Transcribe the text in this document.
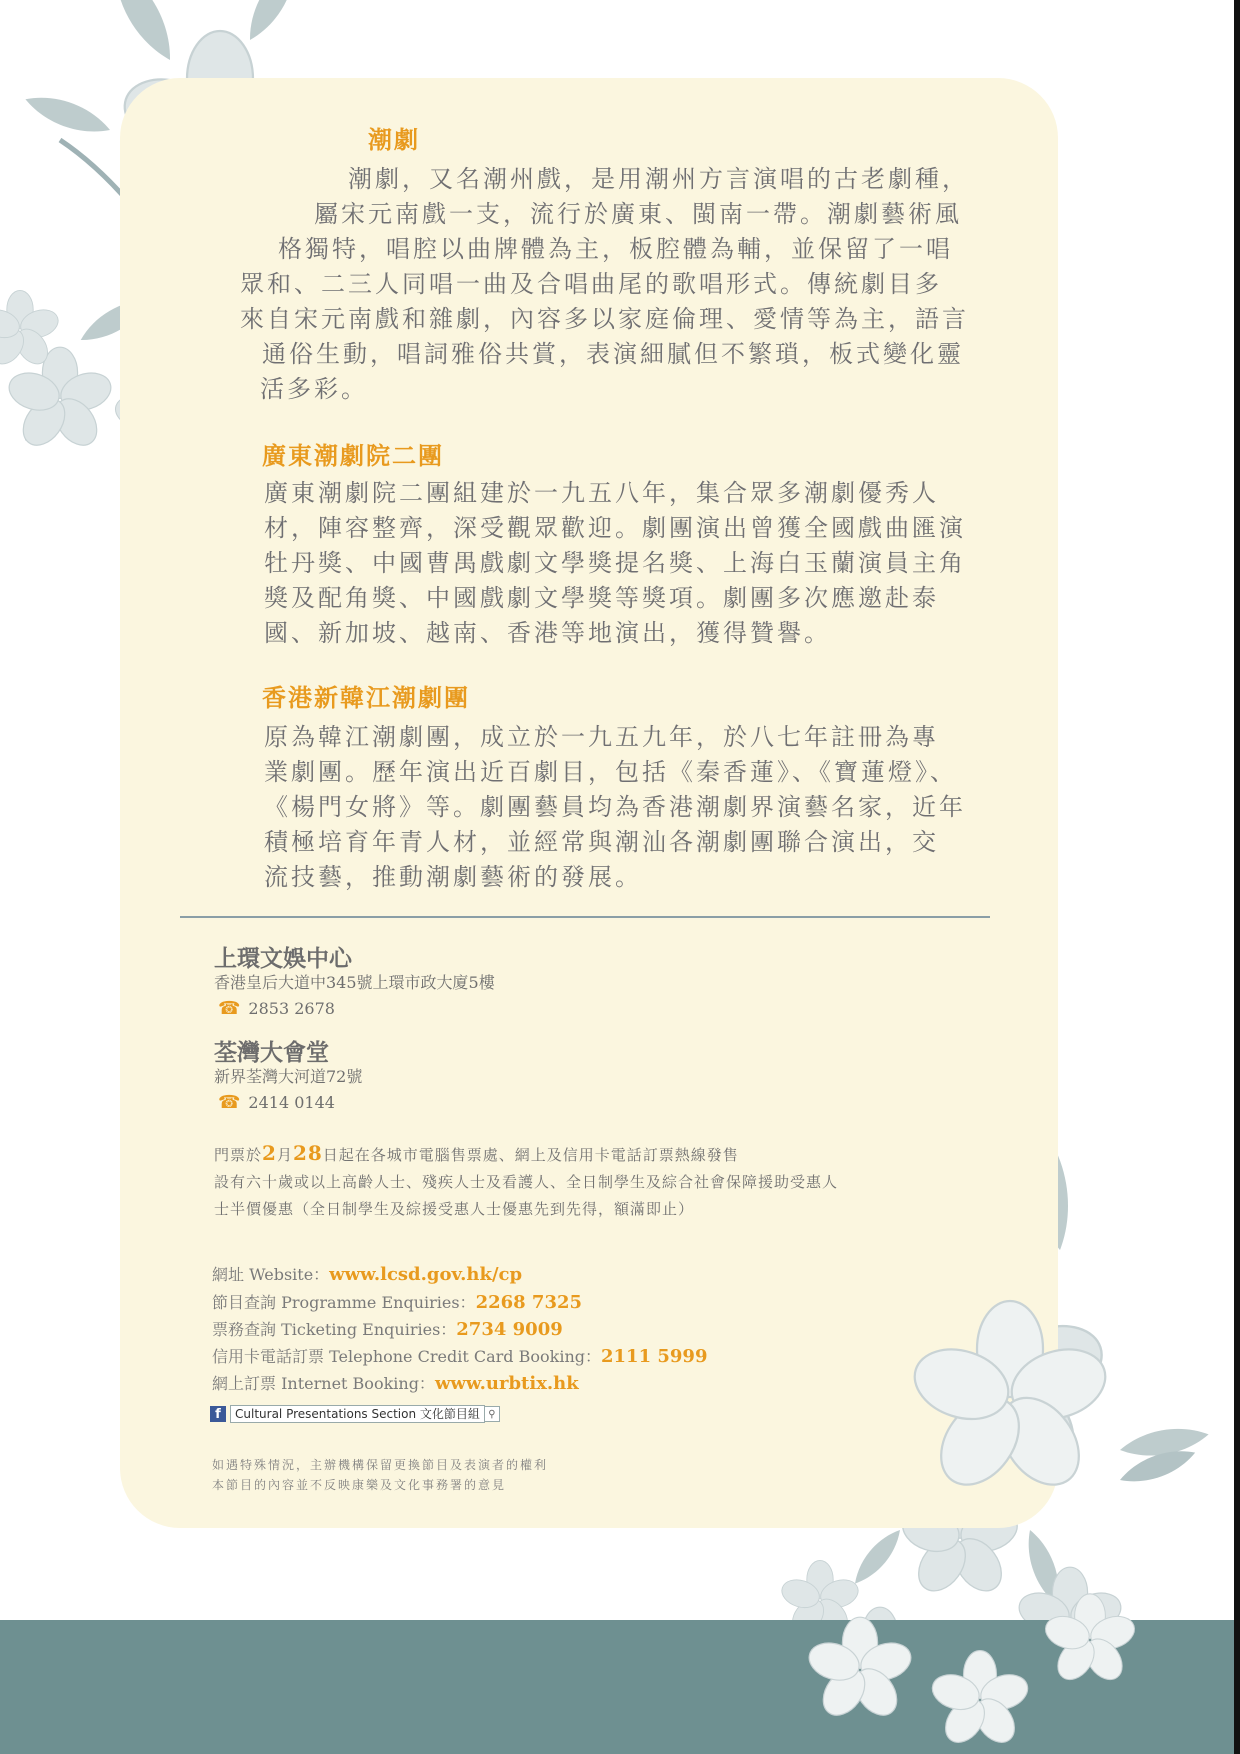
潮劇
潮劇，又名潮州戲，是用潮州方言演唱的古老劇種，
屬宋元南戲一支，流行於廣東、閩南一帶。潮劇藝術風
格獨特，唱腔以曲牌體為主，板腔體為輔，並保留了一唱
眾和、二三人同唱一曲及合唱曲尾的歌唱形式。傳統劇目多
來自宋元南戲和雜劇，內容多以家庭倫理、愛情等為主，語言
通俗生動，唱詞雅俗共賞，表演細膩但不繁瑣，板式變化靈
活多彩。
廣東潮劇院二團
廣東潮劇院二團組建於一九五八年，集合眾多潮劇優秀人
材，陣容整齊，深受觀眾歡迎。劇團演出曾獲全國戲曲匯演
牡丹獎、中國曹禺戲劇文學獎提名獎、上海白玉蘭演員主角
獎及配角獎、中國戲劇文學獎等獎項。劇團多次應邀赴泰
國、新加坡、越南、香港等地演出，獲得贊譽。
香港新韓江潮劇團
原為韓江潮劇團，成立於一九五九年，於八七年註冊為專
業劇團。歷年演出近百劇目，包括《秦香蓮》、《寶蓮燈》、
《楊門女將》等。劇團藝員均為香港潮劇界演藝名家，近年
積極培育年青人材，並經常與潮汕各潮劇團聯合演出，交
流技藝，推動潮劇藝術的發展。
上環文娛中心
香港皇后大道中345號上環市政大廈5樓
☎ 2853 2678
荃灣大會堂
新界荃灣大河道72號
☎ 2414 0144
門票於2月28日起在各城市電腦售票處、網上及信用卡電話訂票熱線發售
設有六十歲或以上高齡人士、殘疾人士及看護人、全日制學生及綜合社會保障援助受惠人
士半價優惠（全日制學生及綜援受惠人士優惠先到先得，額滿即止）
網址 Website：www.lcsd.gov.hk/cp
節目查詢 Programme Enquiries：2268 7325
票務查詢 Ticketing Enquiries：2734 9009
信用卡電話訂票 Telephone Credit Card Booking：2111 5999
網上訂票 Internet Booking：www.urbtix.hk
f	Cultural Presentations Section 文化節目組 ⚲
如遇特殊情況，主辦機構保留更換節目及表演者的權利
本節目的內容並不反映康樂及文化事務署的意見
